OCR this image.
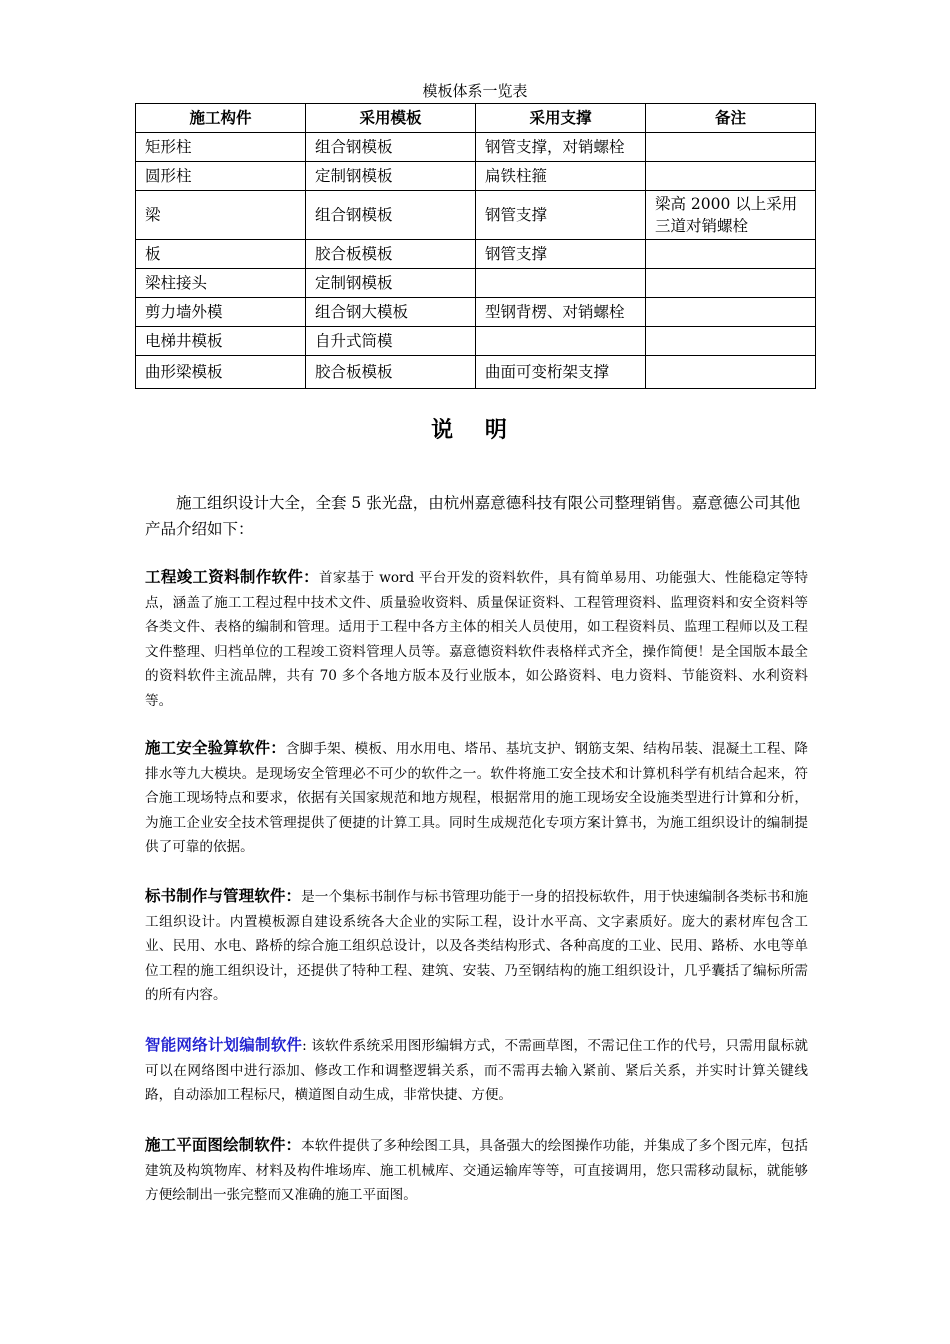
模板体系一览表
施工构件	采用模板	采用支撑	备注
矩形柱	组合钢模板	钢管支撑，对销螺栓	
圆形柱	定制钢模板	扁铁柱箍	
梁	组合钢模板	钢管支撑	梁高 2000 以上采用三道对销螺栓
板	胶合板模板	钢管支撑	
梁柱接头	定制钢模板		
剪力墙外模	组合钢大模板	型钢背楞、对销螺栓	
电梯井模板	自升式筒模		
曲形梁模板	胶合板模板	曲面可变桁架支撑	
说 明

施工组织设计大全，全套 5 张光盘，由杭州嘉意德科技有限公司整理销售。嘉意德公司其他产品介绍如下：

工程竣工资料制作软件：首家基于 word 平台开发的资料软件，具有简单易用、功能强大、性能稳定等特点，涵盖了施工工程过程中技术文件、质量验收资料、质量保证资料、工程管理资料、监理资料和安全资料等各类文件、表格的编制和管理。适用于工程中各方主体的相关人员使用，如工程资料员、监理工程师以及工程文件整理、归档单位的工程竣工资料管理人员等。嘉意德资料软件表格样式齐全，操作简便！是全国版本最全的资料软件主流品牌，共有 70 多个各地方版本及行业版本，如公路资料、电力资料、节能资料、水利资料等。

施工安全验算软件：含脚手架、模板、用水用电、塔吊、基坑支护、钢筋支架、结构吊装、混凝土工程、降排水等九大模块。是现场安全管理必不可少的软件之一。软件将施工安全技术和计算机科学有机结合起来，符合施工现场特点和要求，依据有关国家规范和地方规程，根据常用的施工现场安全设施类型进行计算和分析，为施工企业安全技术管理提供了便捷的计算工具。同时生成规范化专项方案计算书，为施工组织设计的编制提供了可靠的依据。

标书制作与管理软件：是一个集标书制作与标书管理功能于一身的招投标软件，用于快速编制各类标书和施工组织设计。内置模板源自建设系统各大企业的实际工程，设计水平高、文字素质好。庞大的素材库包含工业、民用、水电、路桥的综合施工组织总设计，以及各类结构形式、各种高度的工业、民用、路桥、水电等单位工程的施工组织设计，还提供了特种工程、建筑、安装、乃至钢结构的施工组织设计，几乎囊括了编标所需的所有内容。

智能网络计划编制软件: 该软件系统采用图形编辑方式，不需画草图，不需记住工作的代号，只需用鼠标就可以在网络图中进行添加、修改工作和调整逻辑关系，而不需再去输入紧前、紧后关系，并实时计算关键线路，自动添加工程标尺，横道图自动生成，非常快捷、方便。

施工平面图绘制软件：本软件提供了多种绘图工具，具备强大的绘图操作功能，并集成了多个图元库，包括建筑及构筑物库、材料及构件堆场库、施工机械库、交通运输库等等，可直接调用，您只需移动鼠标，就能够方便绘制出一张完整而又准确的施工平面图。
